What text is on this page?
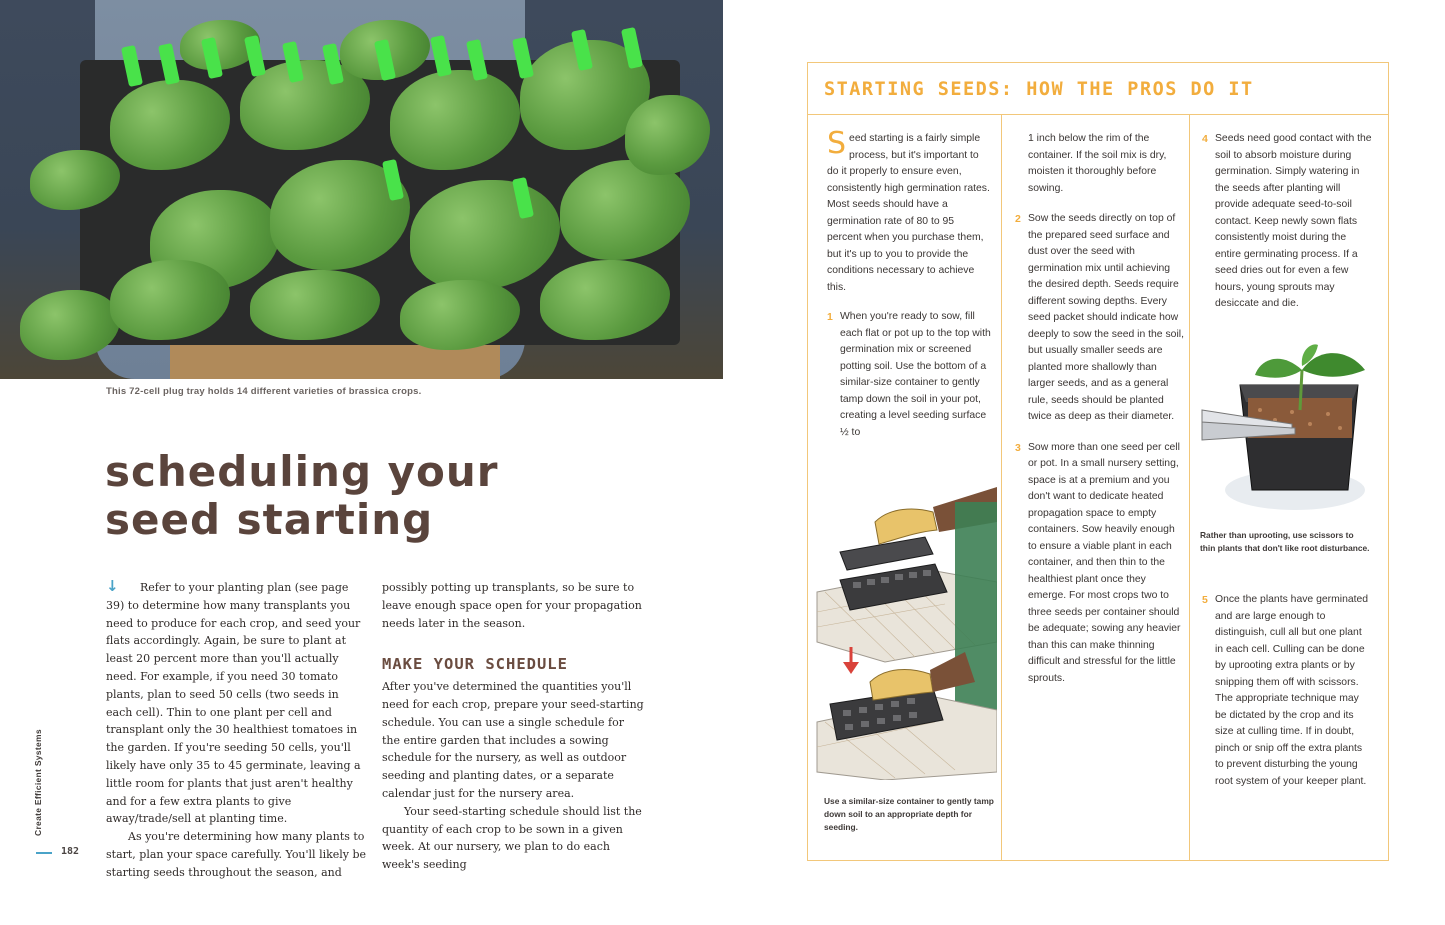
This 72-cell plug tray holds 14 different varieties of brassica crops.
scheduling your
seed starting

↓ Refer to your planting plan (see page 39) to determine how many transplants you need to produce for each crop, and seed your flats accordingly. Again, be sure to plant at least 20 percent more than you'll actually need. For example, if you need 30 tomato plants, plan to seed 50 cells (two seeds in each cell). Thin to one plant per cell and transplant only the 30 healthiest tomatoes in the garden. If you're seeding 50 cells, you'll likely have only 35 to 45 germinate, leaving a little room for plants that just aren't healthy and for a few extra plants to give away/trade/sell at planting time.

As you're determining how many plants to start, plan your space carefully. You'll likely be starting seeds throughout the season, and

possibly potting up transplants, so be sure to leave enough space open for your propagation needs later in the season.

MAKE YOUR SCHEDULE

After you've determined the quantities you'll need for each crop, prepare your seed-starting schedule. You can use a single schedule for the entire garden that includes a sowing schedule for the nursery, as well as outdoor seeding and planting dates, or a separate calendar just for the nursery area.

Your seed-starting schedule should list the quantity of each crop to be sown in a given week. At our nursery, we plan to do each week's seeding

Create Efficient Systems
182
STARTING SEEDS: HOW THE PROS DO IT

Seed starting is a fairly simple process, but it's important to do it properly to ensure even, consistently high germination rates. Most seeds should have a germination rate of 80 to 95 percent when you purchase them, but it's up to you to provide the conditions necessary to achieve this.

1 When you're ready to sow, fill each flat or pot up to the top with germination mix or screened potting soil. Use the bottom of a similar-size container to gently tamp down the soil in your pot, creating a level seeding surface ½ to
Use a similar-size container to gently tamp down soil to an appropriate depth for seeding.

1 inch below the rim of the container. If the soil mix is dry, moisten it thoroughly before sowing.

2 Sow the seeds directly on top of the prepared seed surface and dust over the seed with germination mix until achieving the desired depth. Seeds require different sowing depths. Every seed packet should indicate how deeply to sow the seed in the soil, but usually smaller seeds are planted more shallowly than larger seeds, and as a general rule, seeds should be planted twice as deep as their diameter.
3 Sow more than one seed per cell or pot. In a small nursery setting, space is at a premium and you don't want to dedicate heated propagation space to empty containers. Sow heavily enough to ensure a viable plant in each container, and then thin to the healthiest plant once they emerge. For most crops two to three seeds per container should be adequate; sowing any heavier than this can make thinning difficult and stressful for the little sprouts.
4 Seeds need good contact with the soil to absorb moisture during germination. Simply watering in the seeds after planting will provide adequate seed-to-soil contact. Keep newly sown flats consistently moist during the entire germinating process. If a seed dries out for even a few hours, young sprouts may desiccate and die.
Rather than uprooting, use scissors to thin plants that don't like root disturbance.
5 Once the plants have germinated and are large enough to distinguish, cull all but one plant in each cell. Culling can be done by uprooting extra plants or by snipping them off with scissors. The appropriate technique may be dictated by the crop and its size at culling time. If in doubt, pinch or snip off the extra plants to prevent disturbing the young root system of your keeper plant.
